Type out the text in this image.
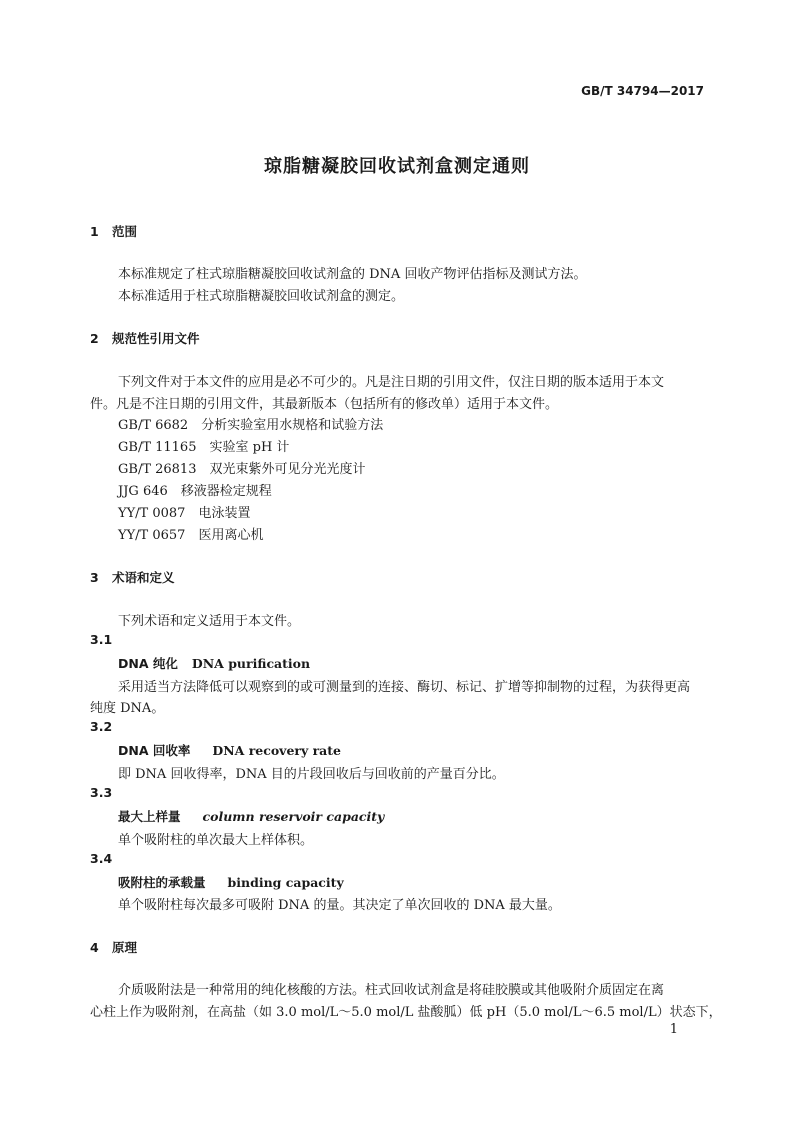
GB/T 34794—2017
琼脂糖凝胶回收试剂盒测定通则
1 范围
本标准规定了柱式琼脂糖凝胶回收试剂盒的 DNA 回收产物评估指标及测试方法。
本标准适用于柱式琼脂糖凝胶回收试剂盒的测定。
2 规范性引用文件
下列文件对于本文件的应用是必不可少的。凡是注日期的引用文件，仅注日期的版本适用于本文
件。凡是不注日期的引用文件，其最新版本（包括所有的修改单）适用于本文件。
GB/T 6682　 分析实验室用水规格和试验方法
GB/T 11165　 实验室 pH 计
GB/T 26813　 双光束紫外可见分光光度计
JJG 646　 移液器检定规程
YY/T 0087　 电泳装置
YY/T 0657　 医用离心机
3 术语和定义
下列术语和定义适用于本文件。
3.1
DNA 纯化 DNA purification
采用适当方法降低可以观察到的或可测量到的连接、酶切、标记、扩增等抑制物的过程，为获得更高
纯度 DNA。
3.2
DNA 回收率 DNA recovery rate
即 DNA 回收得率，DNA 目的片段回收后与回收前的产量百分比。
3.3
最大上样量 column reservoir capacity
单个吸附柱的单次最大上样体积。
3.4
吸附柱的承载量 binding capacity
单个吸附柱每次最多可吸附 DNA 的量。其决定了单次回收的 DNA 最大量。
4 原理
介质吸附法是一种常用的纯化核酸的方法。柱式回收试剂盒是将硅胶膜或其他吸附介质固定在离
心柱上作为吸附剂，在高盐（如 3.0 mol/L～5.0 mol/L 盐酸胍）低 pH（5.0 mol/L～6.5 mol/L）状态下，
1
